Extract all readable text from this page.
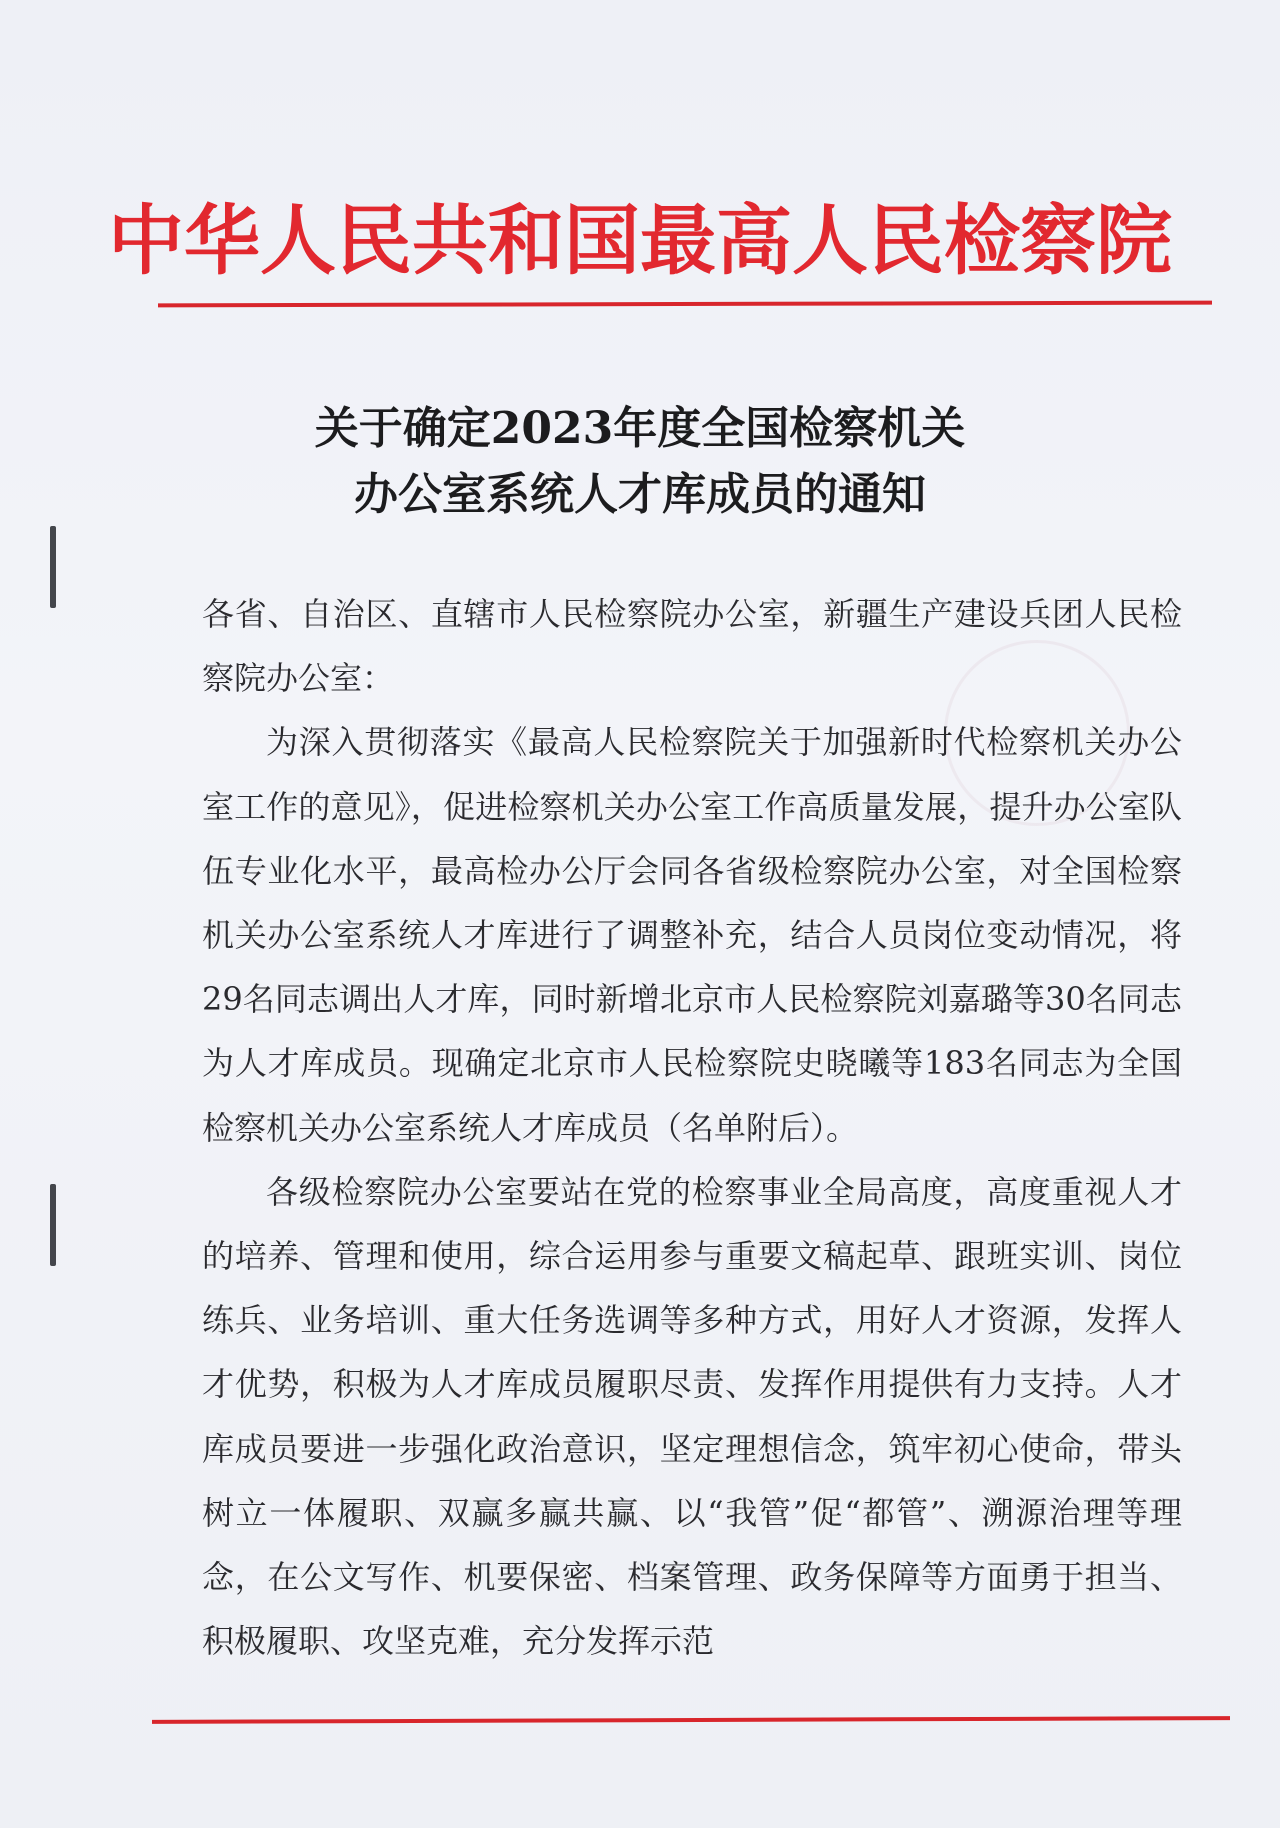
中华人民共和国最高人民检察院
关于确定2023年度全国检察机关
办公室系统人才库成员的通知

各省、自治区、直辖市人民检察院办公室，新疆生产建设兵团人民检察院办公室：

为深入贯彻落实《最高人民检察院关于加强新时代检察机关办公室工作的意见》，促进检察机关办公室工作高质量发展，提升办公室队伍专业化水平，最高检办公厅会同各省级检察院办公室，对全国检察机关办公室系统人才库进行了调整补充，结合人员岗位变动情况，将29名同志调出人才库，同时新增北京市人民检察院刘嘉璐等30名同志为人才库成员。现确定北京市人民检察院史晓曦等183名同志为全国检察机关办公室系统人才库成员（名单附后）。

各级检察院办公室要站在党的检察事业全局高度，高度重视人才的培养、管理和使用，综合运用参与重要文稿起草、跟班实训、岗位练兵、业务培训、重大任务选调等多种方式，用好人才资源，发挥人才优势，积极为人才库成员履职尽责、发挥作用提供有力支持。人才库成员要进一步强化政治意识，坚定理想信念，筑牢初心使命，带头树立一体履职、双赢多赢共赢、以“我管”促“都管”、溯源治理等理念，在公文写作、机要保密、档案管理、政务保障等方面勇于担当、积极履职、攻坚克难，充分发挥示范
